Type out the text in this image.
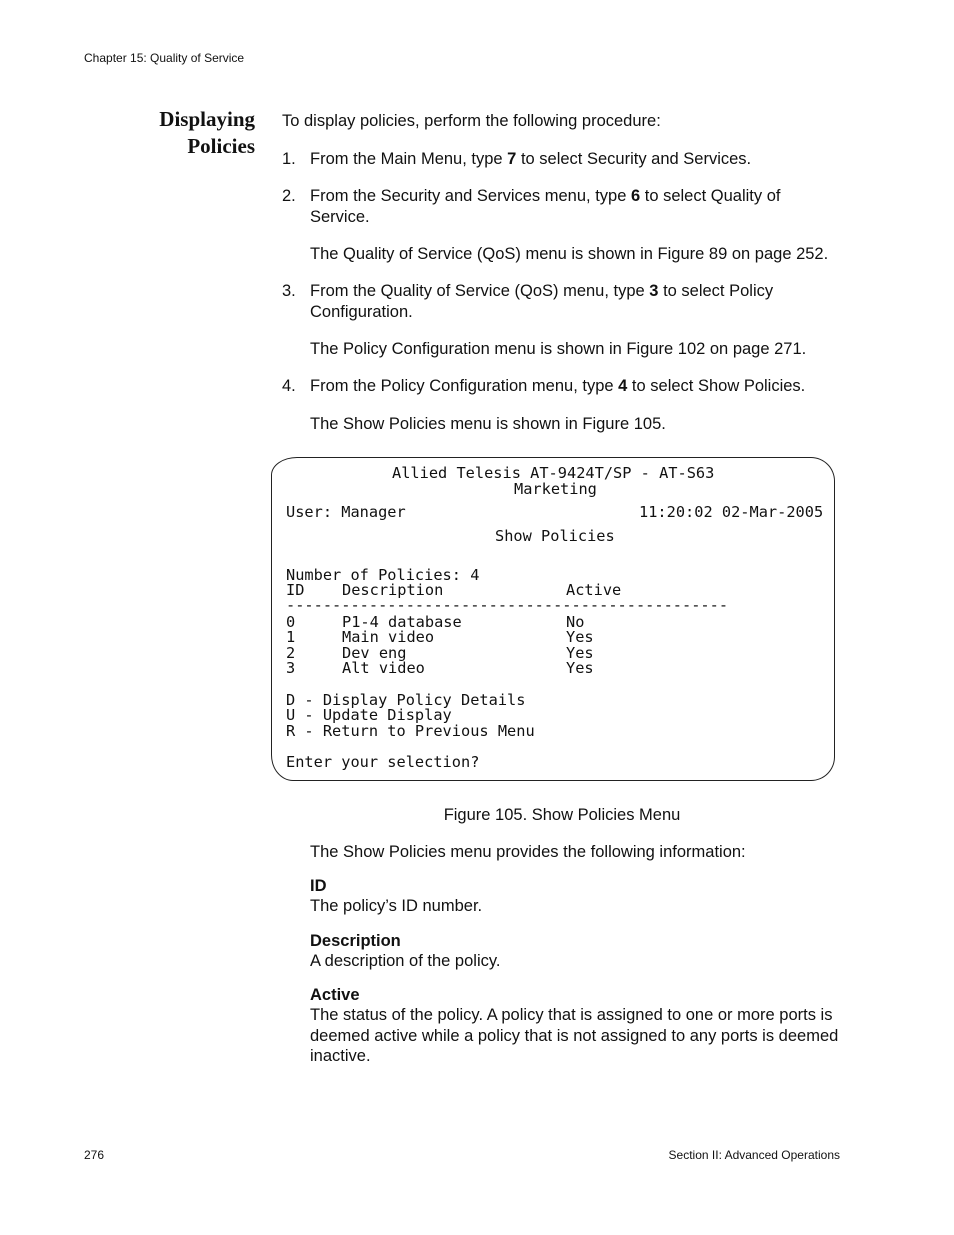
Chapter 15: Quality of Service
Displaying
Policies
To display policies, perform the following procedure:
1. From the Main Menu, type 7 to select Security and Services.
2. From the Security and Services menu, type 6 to select Quality of Service.
The Quality of Service (QoS) menu is shown in Figure 89 on page 252.
3. From the Quality of Service (QoS) menu, type 3 to select Policy Configuration.
The Policy Configuration menu is shown in Figure 102 on page 271.
4. From the Policy Configuration menu, type 4 to select Show Policies.
The Show Policies menu is shown in Figure 105.
Allied Telesis AT-9424T/SP - AT-S63
Marketing
User: Manager	11:20:02 02-Mar-2005
Show Policies
Number of Policies: 4
ID Description	Active
------------------------------------------------
0	P1-4 database	No
1	Main video	Yes
2	Dev eng	Yes
3	Alt video	Yes
D - Display Policy Details
U - Update Display
R - Return to Previous Menu
Enter your selection?
Figure 105. Show Policies Menu
The Show Policies menu provides the following information:
ID
The policy’s ID number.
Description
A description of the policy.
Active
The status of the policy. A policy that is assigned to one or more ports is deemed active while a policy that is not assigned to any ports is deemed inactive.
276	Section II: Advanced Operations
